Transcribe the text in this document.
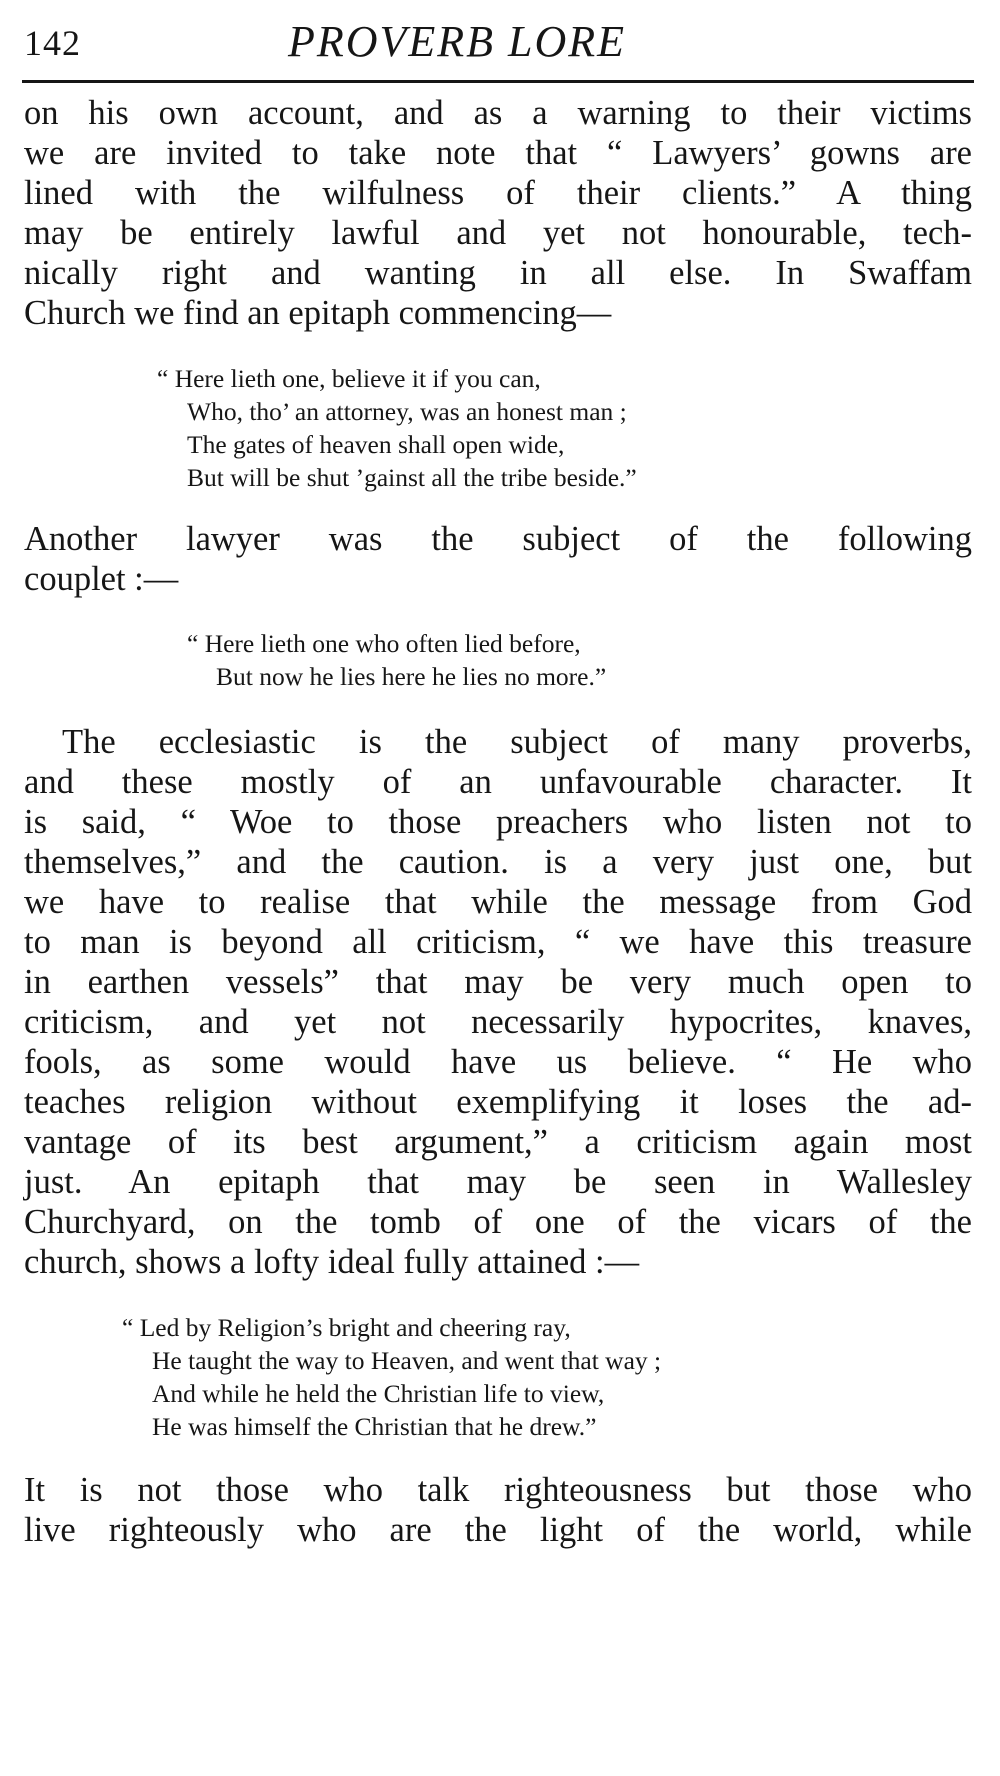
142	PROVERB LORE
on his own account, and as a warning to their victims
we are invited to take note that “ Lawyers’ gowns are
lined with the wilfulness of their clients.” A thing
may be entirely lawful and yet not honourable, tech-
nically right and wanting in all else. In Swaffam
Church we find an epitaph commencing—
“ Here lieth one, believe it if you can,
Who, tho’ an attorney, was an honest man ;
The gates of heaven shall open wide,
But will be shut ’gainst all the tribe beside.”
Another lawyer was the subject of the following
couplet :—
“ Here lieth one who often lied before,
But now he lies here he lies no more.”
The ecclesiastic is the subject of many proverbs,
and these mostly of an unfavourable character. It
is said, “ Woe to those preachers who listen not to
themselves,” and the caution. is a very just one, but
we have to realise that while the message from God
to man is beyond all criticism, “ we have this treasure
in earthen vessels” that may be very much open to
criticism, and yet not necessarily hypocrites, knaves,
fools, as some would have us believe. “ He who
teaches religion without exemplifying it loses the ad-
vantage of its best argument,” a criticism again most
just. An epitaph that may be seen in Wallesley
Churchyard, on the tomb of one of the vicars of the
church, shows a lofty ideal fully attained :—
“ Led by Religion’s bright and cheering ray,
He taught the way to Heaven, and went that way ;
And while he held the Christian life to view,
He was himself the Christian that he drew.”
It is not those who talk righteousness but those who
live righteously who are the light of the world, while
